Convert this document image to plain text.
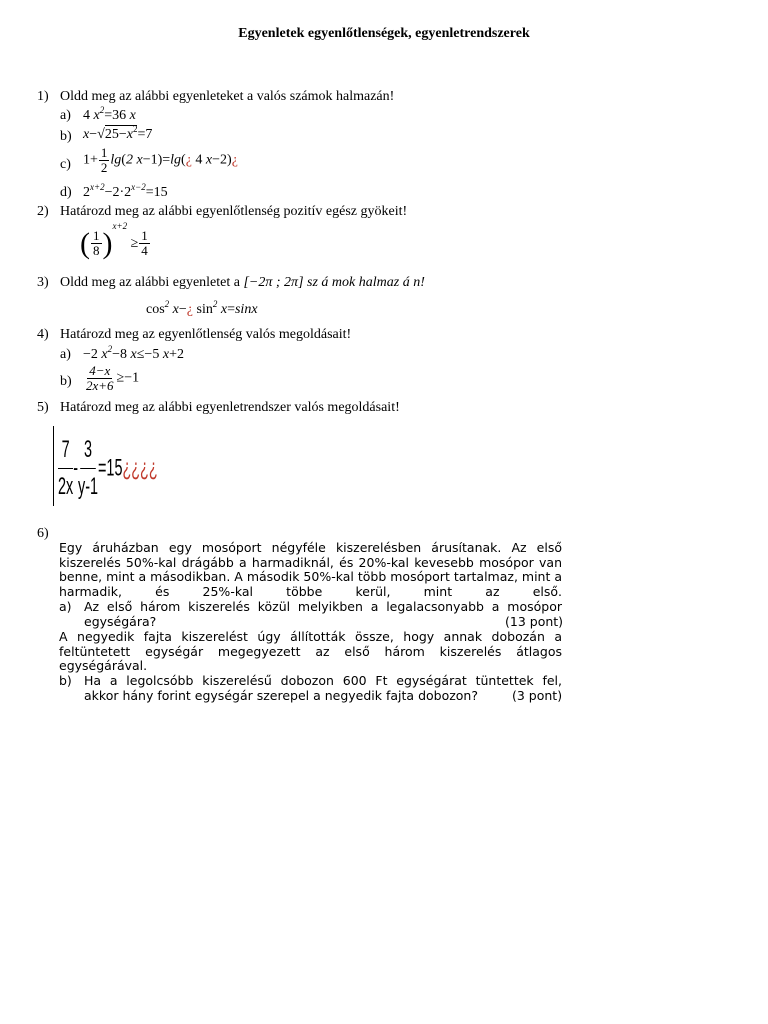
Egyenletek egyenlőtlenségek, egyenletrendszerek
1) Oldd meg az alábbi egyenleteket a valós számok halmazán!
a) 4 $x^2=36$ x
b) $x-√25-x^2=7$
c) $1+ \frac{1}{2} \lg(2$ x−1)=lg(¿ 4 x−2)¿
d) $2^{x+2}-2\cdot 2^{x-2}=15$
2) Határozd meg az alábbi egyenlőtlenség pozitív egész gyökeit!
( $\frac{1}{8} )^{x+2} \ge \frac{1}{4}$
3) Oldd meg az alábbi egyenletet a [−2π ; 2π] sz á mok halmaz á n!
$\cos^2$ x−¿ $\sin^2 x=\sin x$
4) Határozd meg az egyenlőtlenség valós megoldásait!
a) −2 $x^2-8$ x≤−5 x+2
$b) \frac{4-x}{2x+6} \ge-1$
5) Határozd meg az alábbi egyenletrendszer valós megoldásait!
$\frac{7}{2x} - \frac{3}{y-1}$ =15¿¿¿¿
6)
Egy áruházban egy mosóport négyféle kiszerelésben árusítanak. Az első kiszerelés 50%-kal drágább a harmadiknál, és 20%-kal kevesebb mosópor van benne, mint a másodikban. A második 50%-kal több mosóport tartalmaz, mint a harmadik, és 25%-kal többe kerül, mint az első.
a) Az első három kiszerelés közül melyikben a legalacsonyabb a mosópor
egységára?	(13 pont)
A negyedik fajta kiszerelést úgy állították össze, hogy annak dobozán a feltüntetett egységár megegyezett az első három kiszerelés átlagos egységárával.
b) Ha a legolcsóbb kiszerelésű dobozon 600 Ft egységárat tüntettek fel,
akkor hány forint egységár szerepel a negyedik fajta dobozon?	(3 pont)
